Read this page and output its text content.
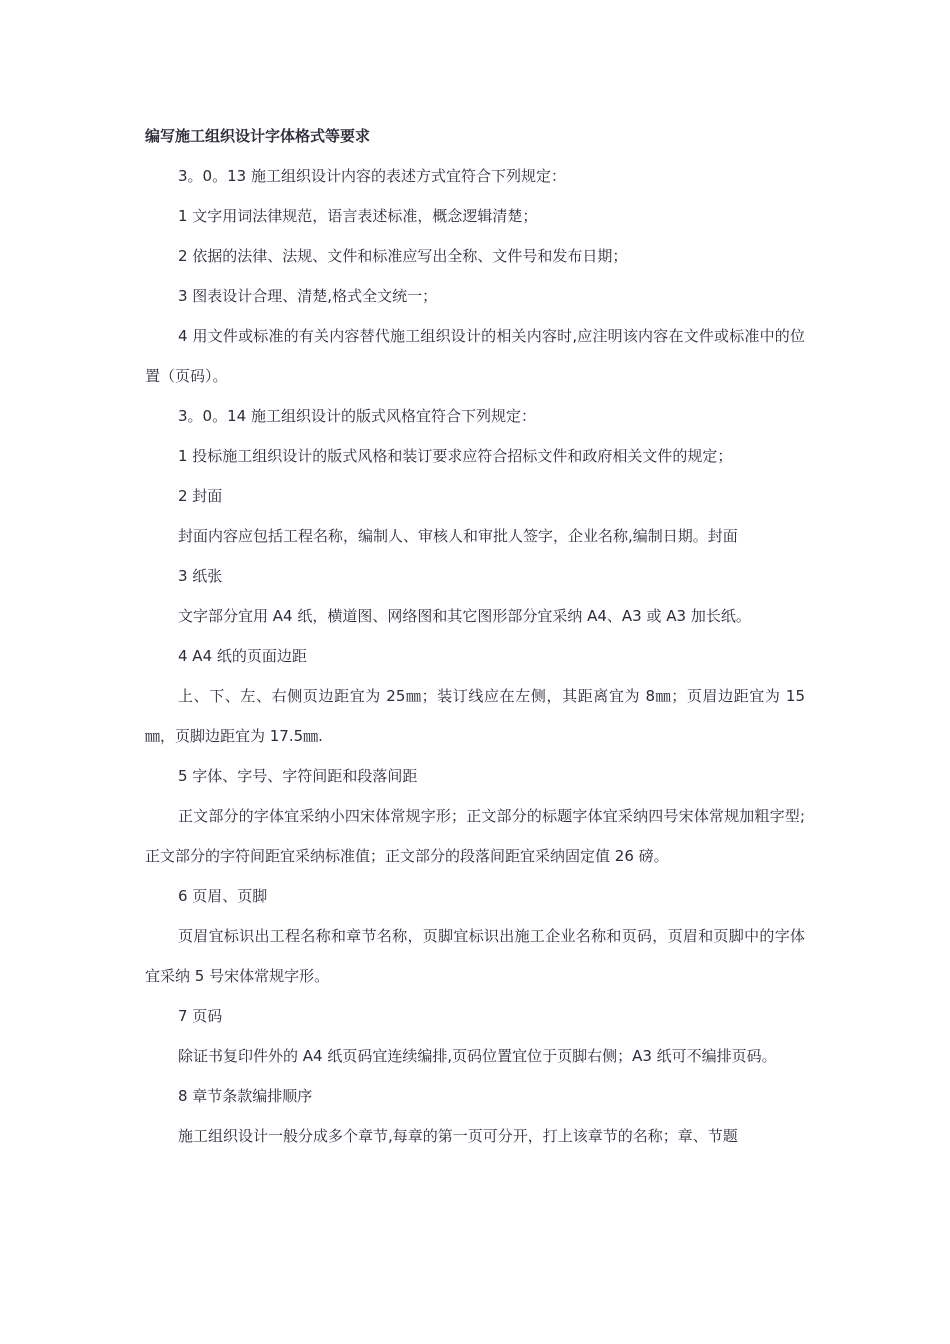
编写施工组织设计字体格式等要求

3。0。13 施工组织设计内容的表述方式宜符合下列规定：

1 文字用词法律规范，语言表述标准，概念逻辑清楚；

2 依据的法律、法规、文件和标准应写出全称、文件号和发布日期；

3 图表设计合理、清楚,格式全文统一；

4 用文件或标准的有关内容替代施工组织设计的相关内容时,应注明该内容在文件或标准中的位置（页码）。

3。0。14 施工组织设计的版式风格宜符合下列规定：

1 投标施工组织设计的版式风格和装订要求应符合招标文件和政府相关文件的规定；

2 封面

封面内容应包括工程名称，编制人、审核人和审批人签字，企业名称,编制日期。封面

3 纸张

文字部分宜用 A4 纸，横道图、网络图和其它图形部分宜采纳 A4、A3 或 A3 加长纸。

4 A4 纸的页面边距

上、下、左、右侧页边距宜为 25㎜；装订线应在左侧，其距离宜为 8㎜；页眉边距宜为 15㎜，页脚边距宜为 17.5㎜.

5 字体、字号、字符间距和段落间距

正文部分的字体宜采纳小四宋体常规字形；正文部分的标题字体宜采纳四号宋体常规加粗字型;正文部分的字符间距宜采纳标准值；正文部分的段落间距宜采纳固定值 26 磅。

6 页眉、页脚

页眉宜标识出工程名称和章节名称，页脚宜标识出施工企业名称和页码，页眉和页脚中的字体宜采纳 5 号宋体常规字形。

7 页码

除证书复印件外的 A4 纸页码宜连续编排,页码位置宜位于页脚右侧；A3 纸可不编排页码。

8 章节条款编排顺序

施工组织设计一般分成多个章节,每章的第一页可分开，打上该章节的名称；章、节题
